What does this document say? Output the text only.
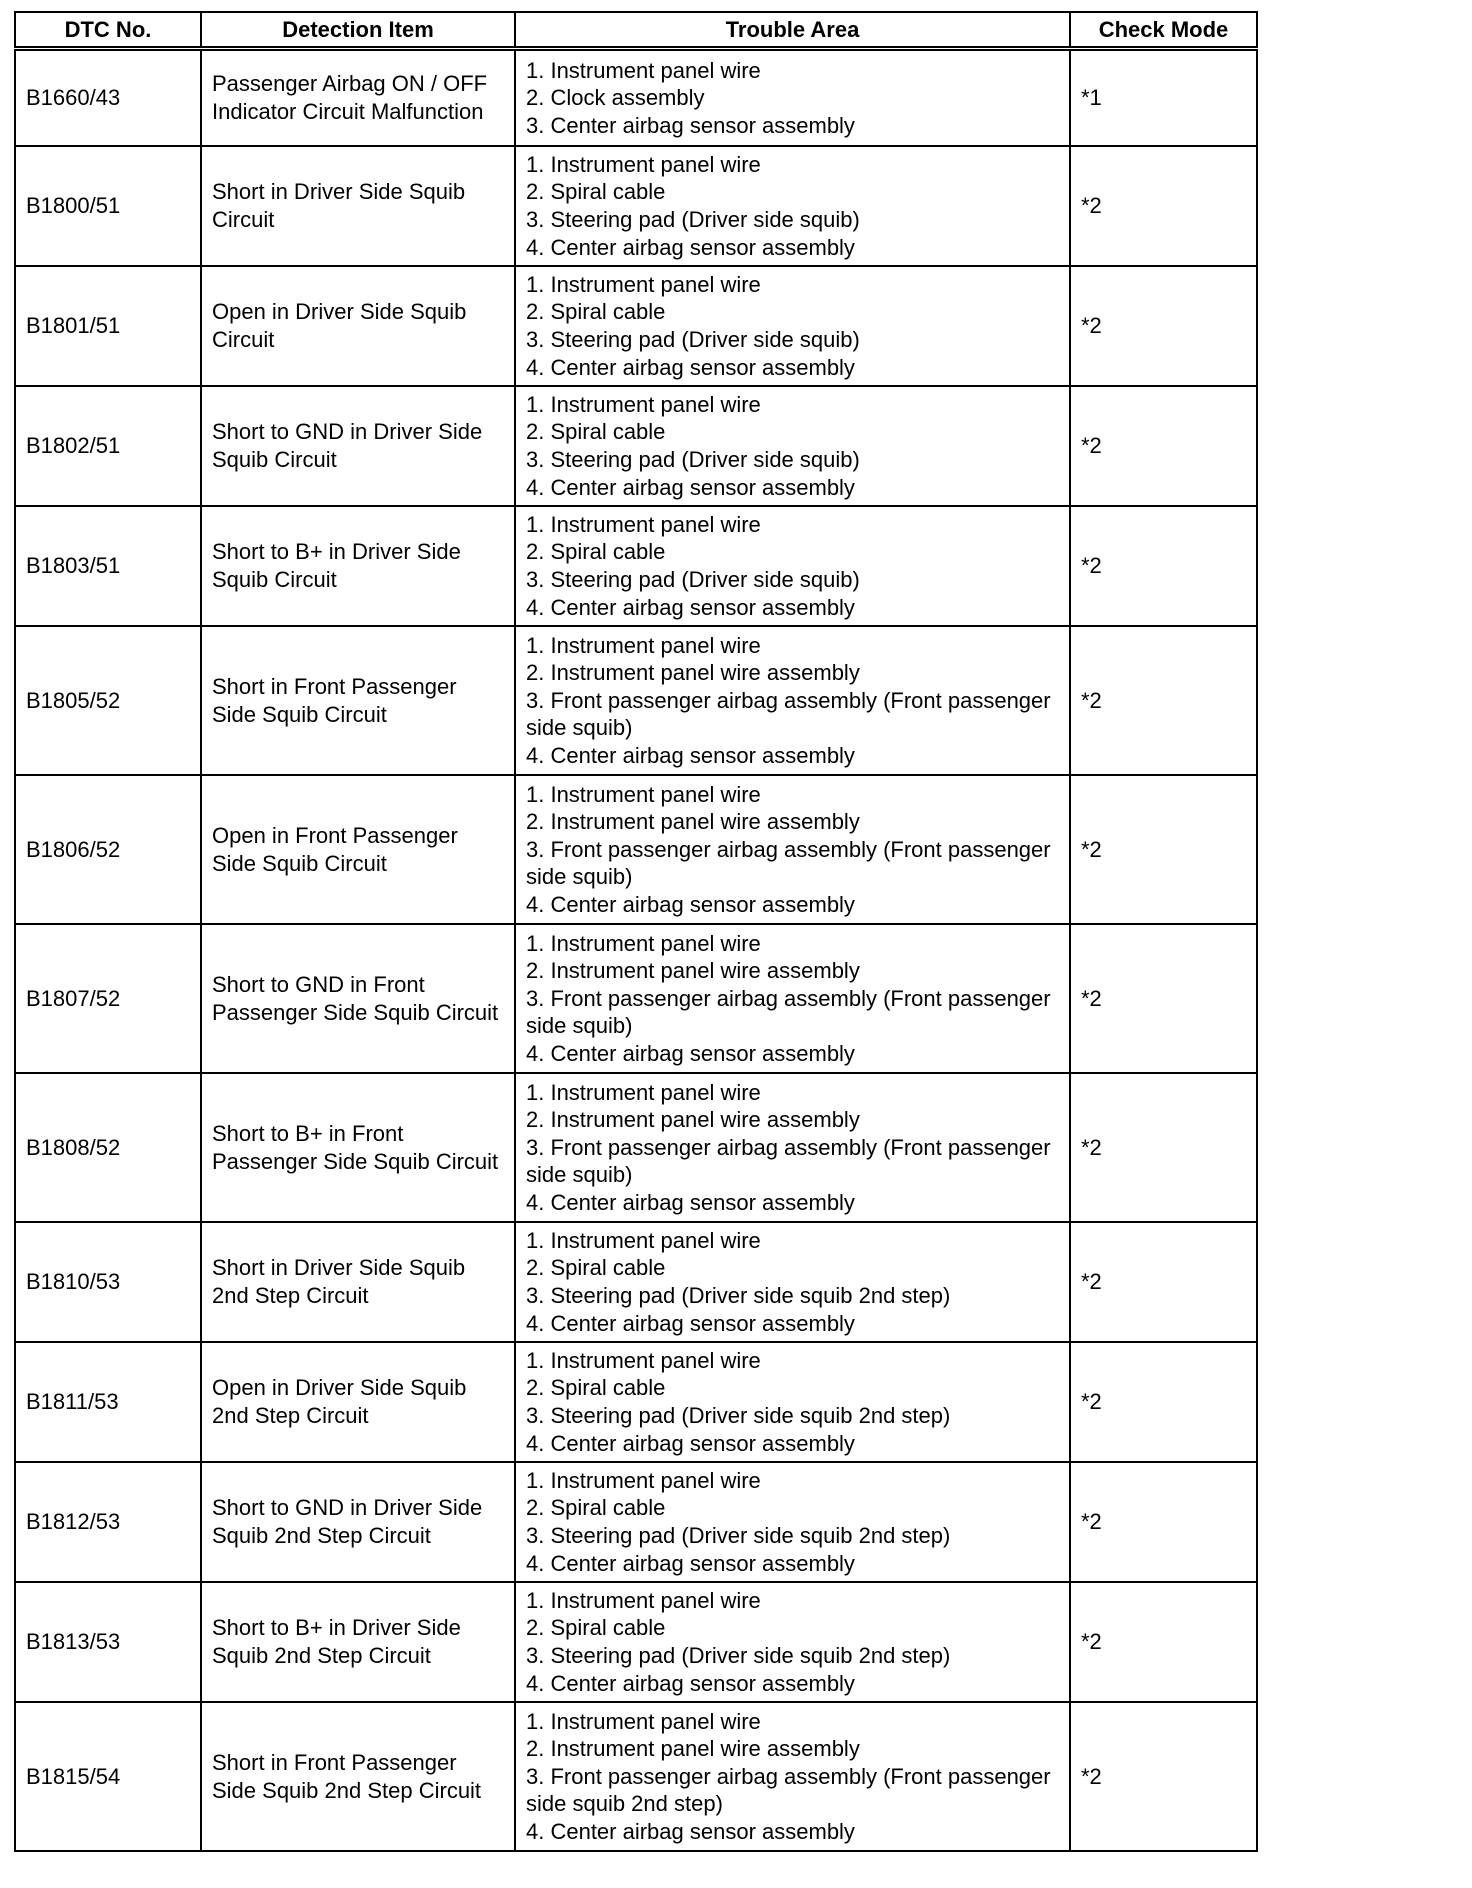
DTC No.	Detection Item	Trouble Area	Check Mode
B1660/43	Passenger Airbag ON / OFF Indicator Circuit Malfunction	1. Instrument panel wire
2. Clock assembly
3. Center airbag sensor assembly	*1
B1800/51	Short in Driver Side Squib Circuit	1. Instrument panel wire
2. Spiral cable
3. Steering pad (Driver side squib)
4. Center airbag sensor assembly	*2
B1801/51	Open in Driver Side Squib Circuit	1. Instrument panel wire
2. Spiral cable
3. Steering pad (Driver side squib)
4. Center airbag sensor assembly	*2
B1802/51	Short to GND in Driver Side Squib Circuit	1. Instrument panel wire
2. Spiral cable
3. Steering pad (Driver side squib)
4. Center airbag sensor assembly	*2
B1803/51	Short to B+ in Driver Side Squib Circuit	1. Instrument panel wire
2. Spiral cable
3. Steering pad (Driver side squib)
4. Center airbag sensor assembly	*2
B1805/52	Short in Front Passenger Side Squib Circuit	1. Instrument panel wire
2. Instrument panel wire assembly
3. Front passenger airbag assembly (Front passenger side squib)
4. Center airbag sensor assembly	*2
B1806/52	Open in Front Passenger Side Squib Circuit	1. Instrument panel wire
2. Instrument panel wire assembly
3. Front passenger airbag assembly (Front passenger side squib)
4. Center airbag sensor assembly	*2
B1807/52	Short to GND in Front Passenger Side Squib Circuit	1. Instrument panel wire
2. Instrument panel wire assembly
3. Front passenger airbag assembly (Front passenger side squib)
4. Center airbag sensor assembly	*2
B1808/52	Short to B+ in Front Passenger Side Squib Circuit	1. Instrument panel wire
2. Instrument panel wire assembly
3. Front passenger airbag assembly (Front passenger side squib)
4. Center airbag sensor assembly	*2
B1810/53	Short in Driver Side Squib 2nd Step Circuit	1. Instrument panel wire
2. Spiral cable
3. Steering pad (Driver side squib 2nd step)
4. Center airbag sensor assembly	*2
B1811/53	Open in Driver Side Squib 2nd Step Circuit	1. Instrument panel wire
2. Spiral cable
3. Steering pad (Driver side squib 2nd step)
4. Center airbag sensor assembly	*2
B1812/53	Short to GND in Driver Side Squib 2nd Step Circuit	1. Instrument panel wire
2. Spiral cable
3. Steering pad (Driver side squib 2nd step)
4. Center airbag sensor assembly	*2
B1813/53	Short to B+ in Driver Side Squib 2nd Step Circuit	1. Instrument panel wire
2. Spiral cable
3. Steering pad (Driver side squib 2nd step)
4. Center airbag sensor assembly	*2
B1815/54	Short in Front Passenger Side Squib 2nd Step Circuit	1. Instrument panel wire
2. Instrument panel wire assembly
3. Front passenger airbag assembly (Front passenger side squib 2nd step)
4. Center airbag sensor assembly	*2
